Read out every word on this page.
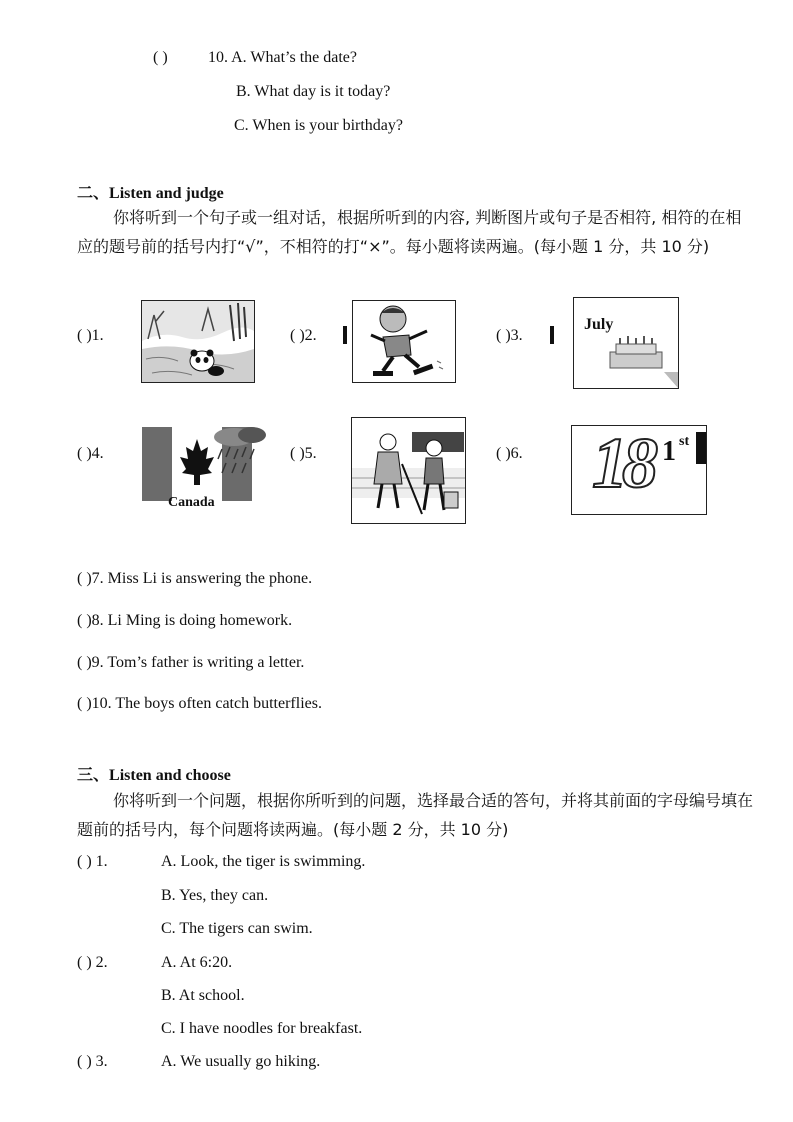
( )	10. A. What’s the date?
B. What day is it today?
C. When is your birthday?
二、Listen and judge
你将听到一个句子或一组对话，根据所听到的内容, 判断图片或句子是否相符, 相符的在相应的题号前的括号内打“√”，不相符的打“×”。每小题将读两遍。(每小题 1 分，共 10 分)
( )1.	( )2.	( )3.
July
( )4.	( )5.	( )6.
Canada	18 1 st
( )7. Miss Li is answering the phone.
( )8. Li Ming is doing homework.
( )9. Tom’s father is writing a letter.
( )10. The boys often catch butterflies.
三、Listen and choose
你将听到一个问题，根据你所听到的问题，选择最合适的答句，并将其前面的字母编号填在题前的括号内，每个问题将读两遍。(每小题 2 分，共 10 分)
( ) 1.	A. Look, the tiger is swimming.
B. Yes, they can.
C. The tigers can swim.
( ) 2.	A. At 6:20.
B. At school.
C. I have noodles for breakfast.
( ) 3.	A. We usually go hiking.
